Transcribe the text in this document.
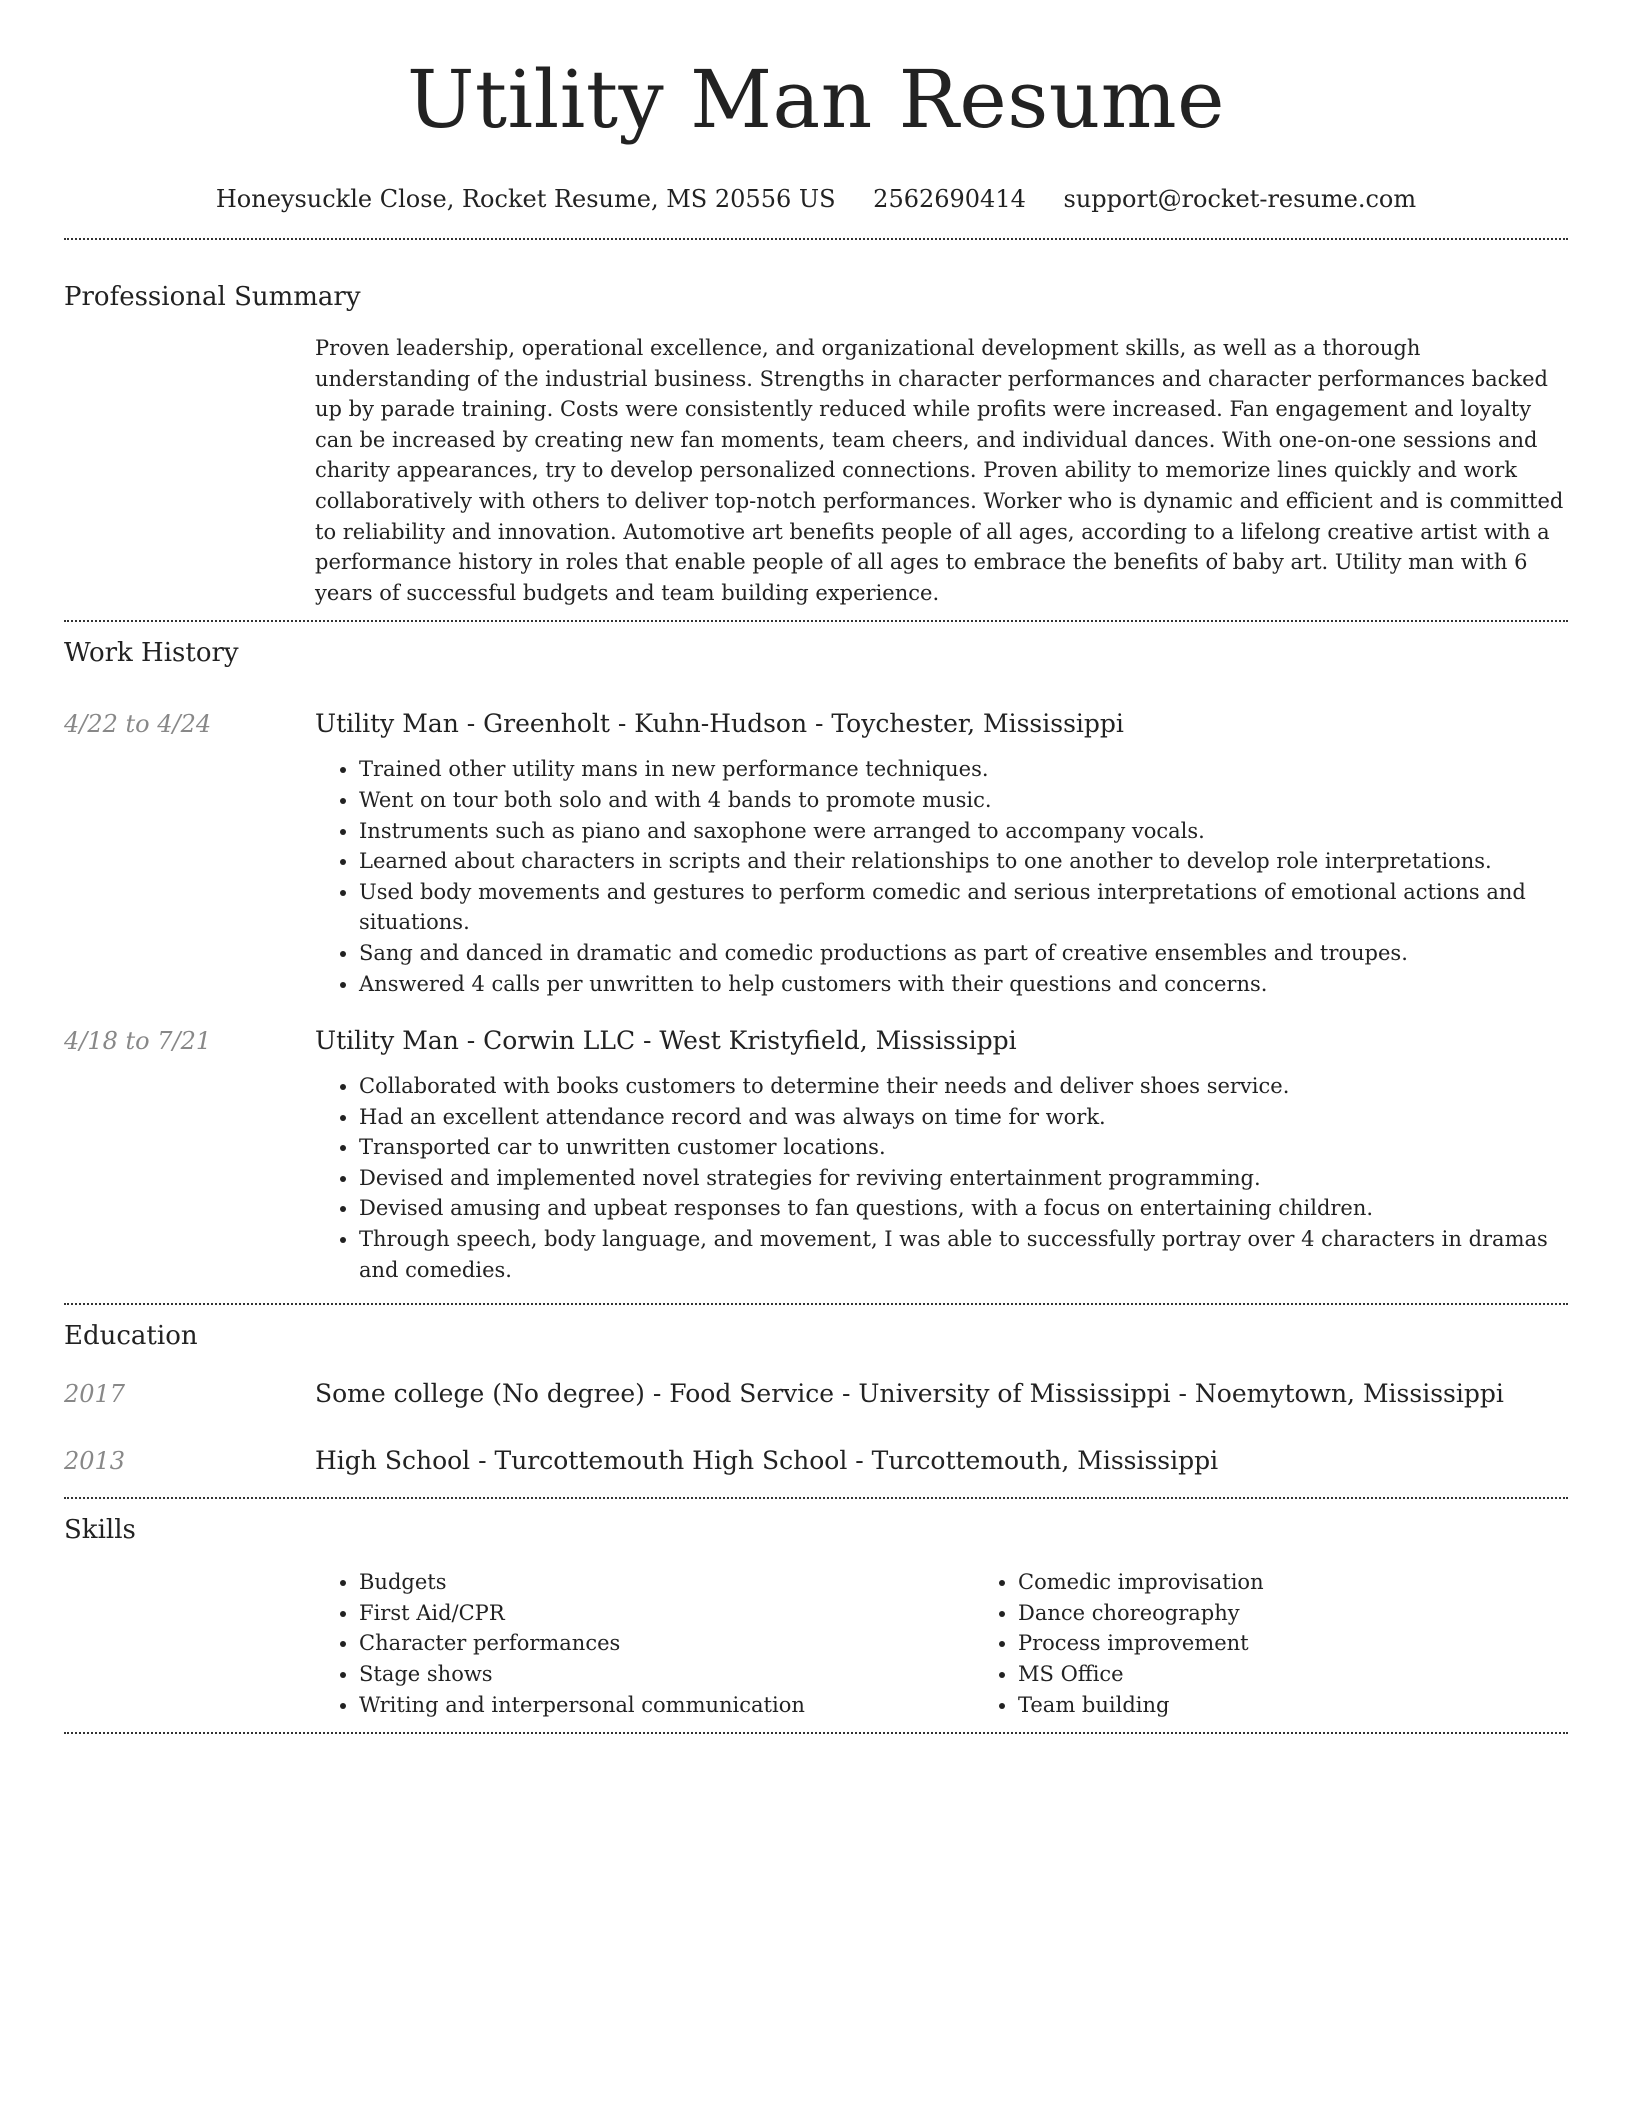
Utility Man Resume
Honeysuckle Close, Rocket Resume, MS 20556 US 2562690414 support@rocket-resume.com
Professional Summary
Proven leadership, operational excellence, and organizational development skills, as well as a thorough understanding of the industrial business. Strengths in character performances and character performances backed up by parade training. Costs were consistently reduced while profits were increased. Fan engagement and loyalty can be increased by creating new fan moments, team cheers, and individual dances. With one-on-one sessions and charity appearances, try to develop personalized connections. Proven ability to memorize lines quickly and work collaboratively with others to deliver top-notch performances. Worker who is dynamic and efficient and is committed to reliability and innovation. Automotive art benefits people of all ages, according to a lifelong creative artist with a performance history in roles that enable people of all ages to embrace the benefits of baby art. Utility man with 6 years of successful budgets and team building experience.
Work History
4/22 to 4/24	Utility Man - Greenholt - Kuhn-Hudson - Toychester, Mississippi
• Trained other utility mans in new performance techniques.
• Went on tour both solo and with 4 bands to promote music.
• Instruments such as piano and saxophone were arranged to accompany vocals.
• Learned about characters in scripts and their relationships to one another to develop role interpretations.
• Used body movements and gestures to perform comedic and serious interpretations of emotional actions and situations.
• Sang and danced in dramatic and comedic productions as part of creative ensembles and troupes.
• Answered 4 calls per unwritten to help customers with their questions and concerns.
4/18 to 7/21	Utility Man - Corwin LLC - West Kristyfield, Mississippi
• Collaborated with books customers to determine their needs and deliver shoes service.
• Had an excellent attendance record and was always on time for work.
• Transported car to unwritten customer locations.
• Devised and implemented novel strategies for reviving entertainment programming.
• Devised amusing and upbeat responses to fan questions, with a focus on entertaining children.
• Through speech, body language, and movement, I was able to successfully portray over 4 characters in dramas and comedies.
Education
2017	Some college (No degree) - Food Service - University of Mississippi - Noemytown, Mississippi
2013	High School - Turcottemouth High School - Turcottemouth, Mississippi
Skills
• Budgets
• First Aid/CPR
• Character performances
• Stage shows
• Writing and interpersonal communication
• Comedic improvisation
• Dance choreography
• Process improvement
• MS Office
• Team building
